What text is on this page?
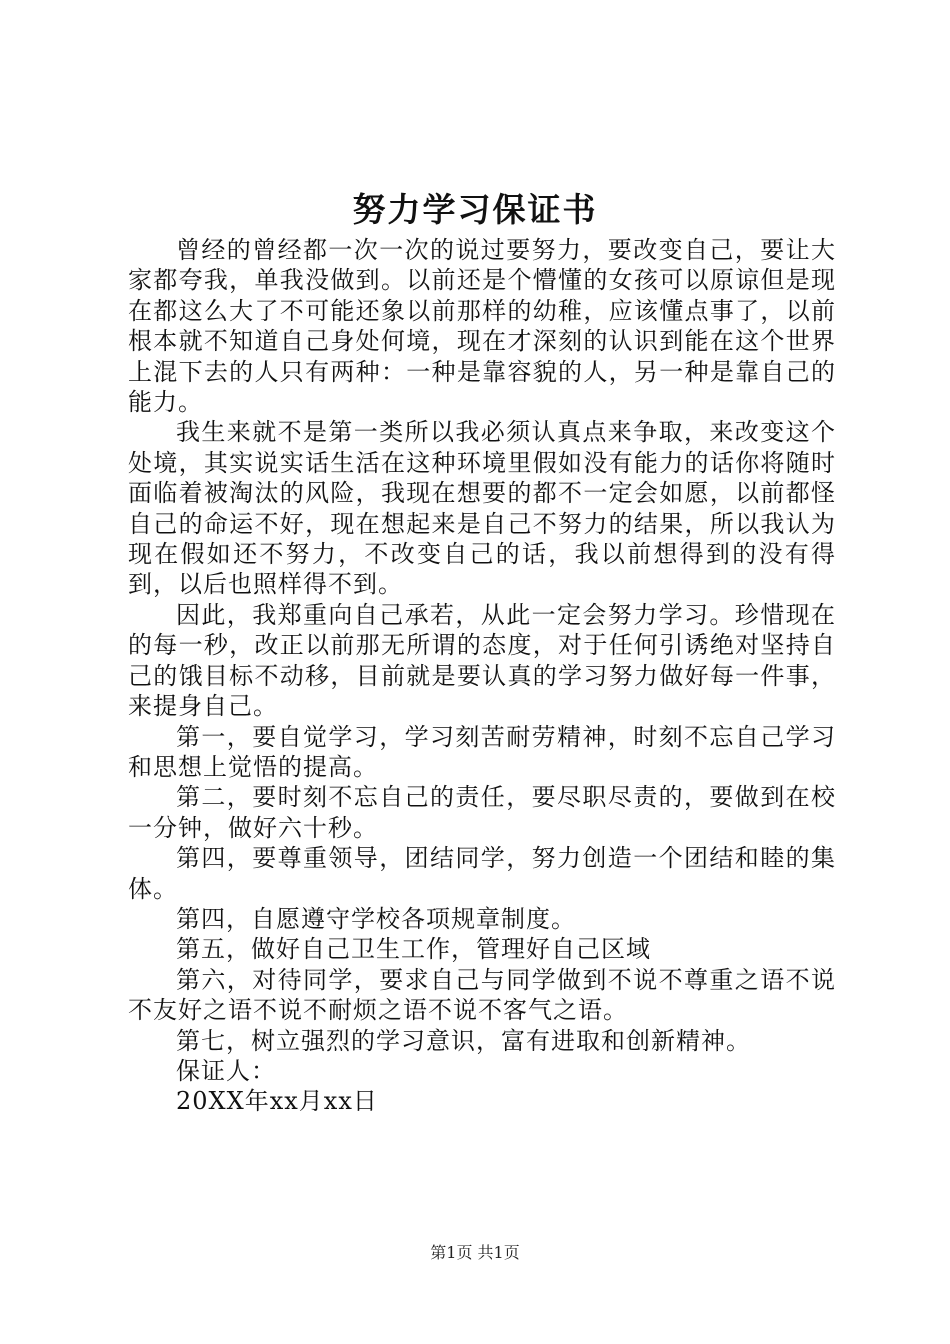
努力学习保证书

曾经的曾经都一次一次的说过要努力，要改变自己，要让大家都夸我，单我没做到。以前还是个懵懂的女孩可以原谅但是现在都这么大了不可能还象以前那样的幼稚，应该懂点事了，以前根本就不知道自己身处何境，现在才深刻的认识到能在这个世界上混下去的人只有两种：一种是靠容貌的人，另一种是靠自己的能力。

我生来就不是第一类所以我必须认真点来争取，来改变这个处境，其实说实话生活在这种环境里假如没有能力的话你将随时面临着被淘汰的风险，我现在想要的都不一定会如愿，以前都怪自己的命运不好，现在想起来是自己不努力的结果，所以我认为现在假如还不努力，不改变自己的话，我以前想得到的没有得到，以后也照样得不到。

因此，我郑重向自己承若，从此一定会努力学习。珍惜现在的每一秒，改正以前那无所谓的态度，对于任何引诱绝对坚持自己的饿目标不动移，目前就是要认真的学习努力做好每一件事，来提身自己。

第一，要自觉学习，学习刻苦耐劳精神，时刻不忘自己学习和思想上觉悟的提高。

第二，要时刻不忘自己的责任，要尽职尽责的，要做到在校一分钟，做好六十秒。

第四，要尊重领导，团结同学，努力创造一个团结和睦的集体。

第四，自愿遵守学校各项规章制度。

第五，做好自己卫生工作，管理好自己区域

第六，对待同学，要求自己与同学做到不说不尊重之语不说不友好之语不说不耐烦之语不说不客气之语。

第七，树立强烈的学习意识，富有进取和创新精神。

保证人：

20XX年xx月xx日

第1页 共1页
